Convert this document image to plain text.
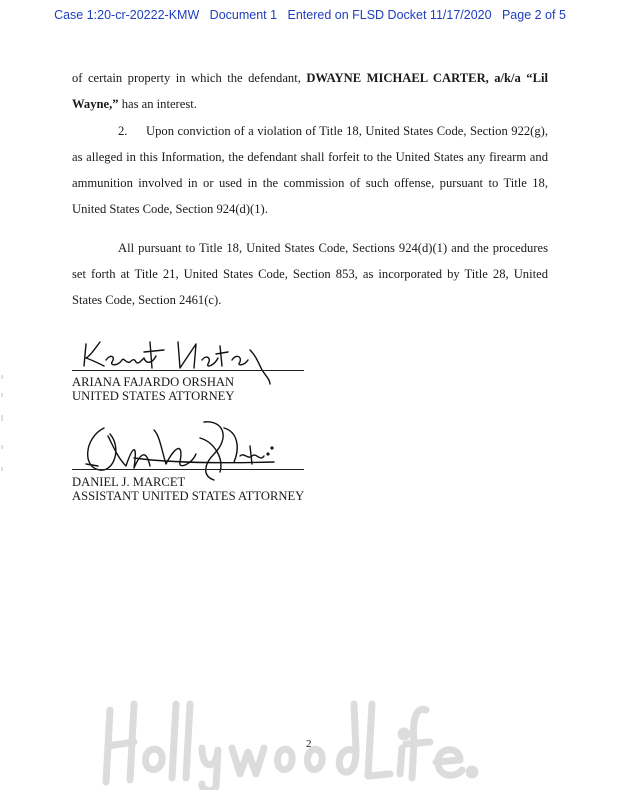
Case 1:20-cr-20222-KMW   Document 1   Entered on FLSD Docket 11/17/2020   Page 2 of 5
of certain property in which the defendant, DWAYNE MICHAEL CARTER, a/k/a “Lil Wayne,” has an interest.
2. Upon conviction of a violation of Title 18, United States Code, Section 922(g), as alleged in this Information, the defendant shall forfeit to the United States any firearm and ammunition involved in or used in the commission of such offense, pursuant to Title 18, United States Code, Section 924(d)(1).
All pursuant to Title 18, United States Code, Sections 924(d)(1) and the procedures set forth at Title 21, United States Code, Section 853, as incorporated by Title 28, United States Code, Section 2461(c).
ARIANA FAJARDO ORSHAN
UNITED STATES ATTORNEY
DANIEL J. MARCET
ASSISTANT UNITED STATES ATTORNEY
2
